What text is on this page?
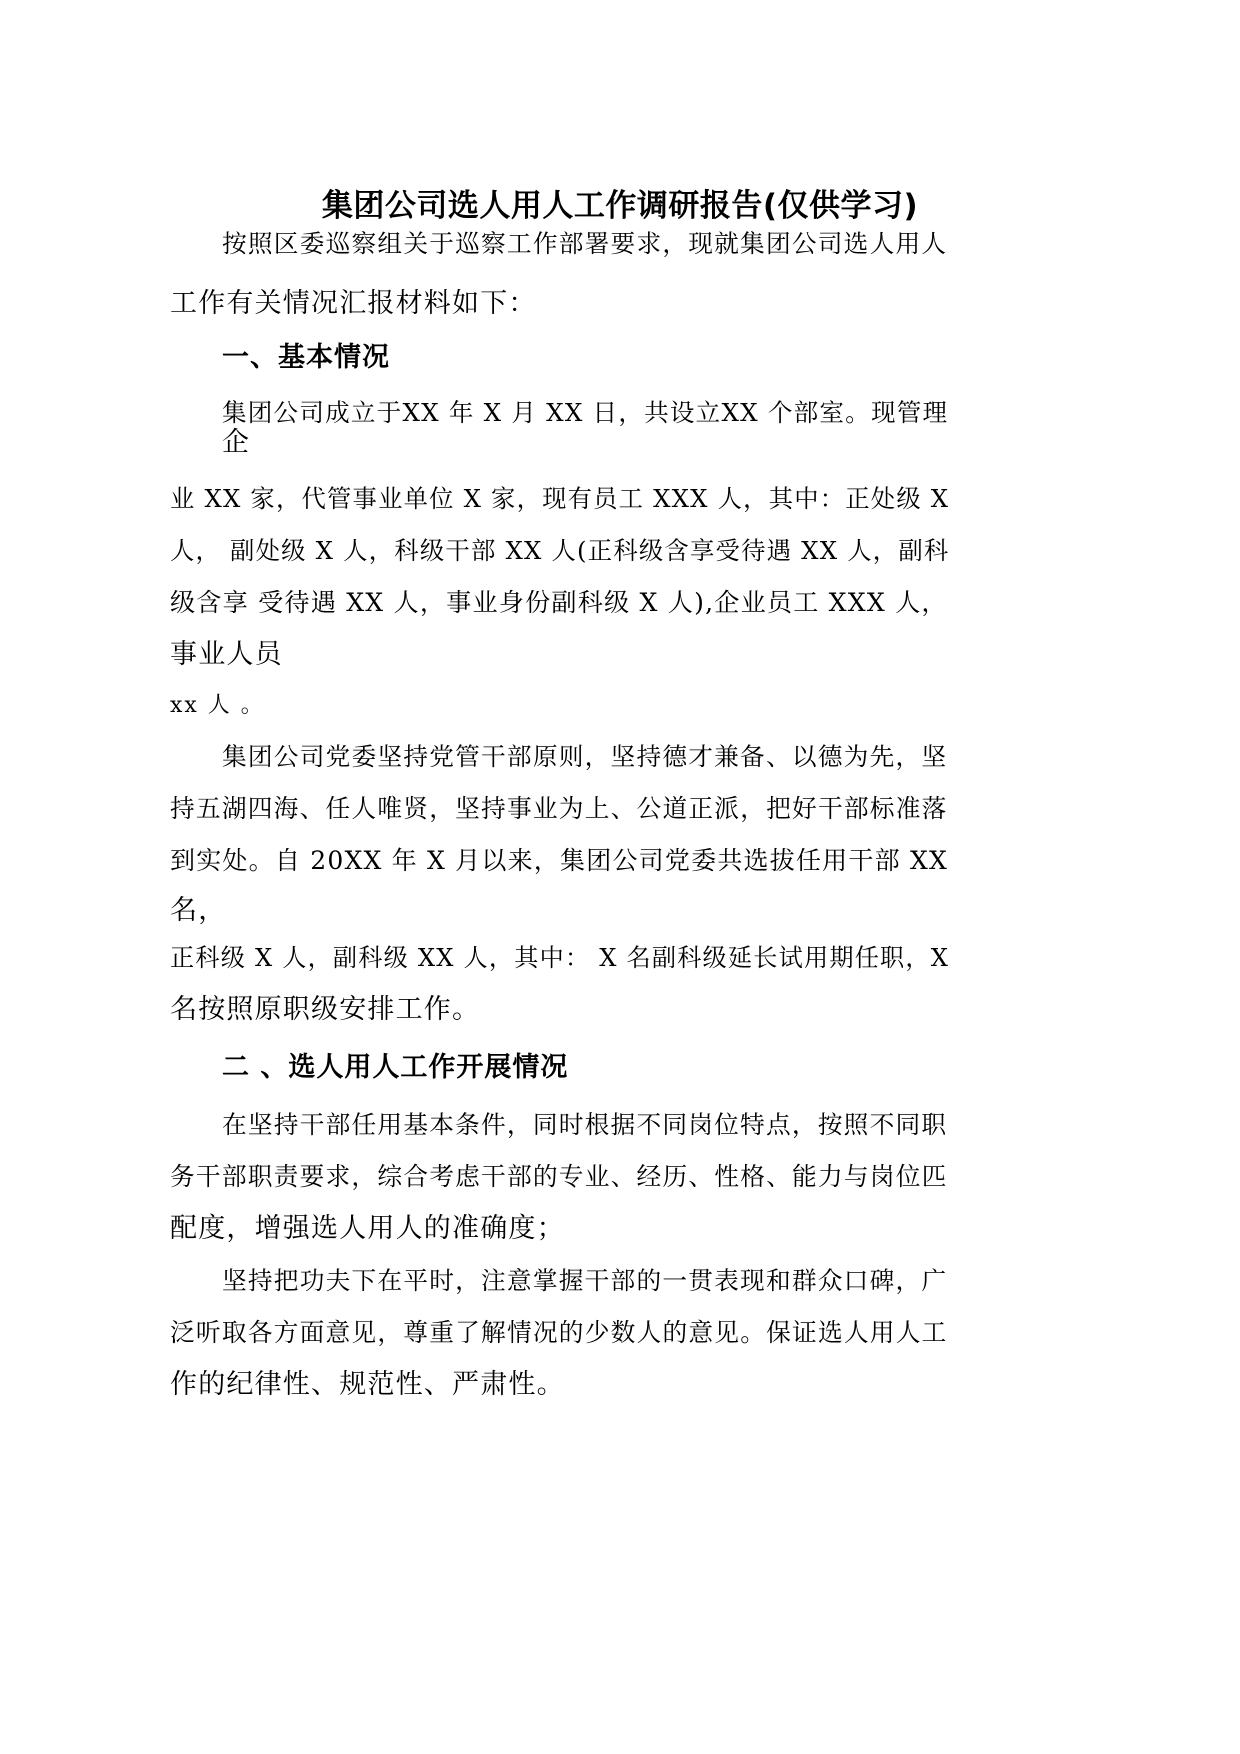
集团公司选人用人工作调研报告(仅供学习)
按照区委巡察组关于巡察工作部署要求，现就集团公司选人用人
工作有关情况汇报材料如下：
一、基本情况
集团公司成立于XX 年 X 月 XX 日，共设立XX 个部室。现管理
企
业 XX 家，代管事业单位 X 家，现有员工 XXX 人，其中：正处级 X
人， 副处级 X 人，科级干部 XX 人(正科级含享受待遇 XX 人，副科
级含享 受待遇 XX 人，事业身份副科级 X 人),企业员工 XXX 人，
事业人员
xx 人 。
集团公司党委坚持党管干部原则，坚持德才兼备、以德为先，坚
持五湖四海、任人唯贤，坚持事业为上、公道正派，把好干部标准落
到实处。自 20XX 年 X 月以来，集团公司党委共选拔任用干部 XX
名，
正科级 X 人，副科级 XX 人，其中： X 名副科级延长试用期任职，X
名按照原职级安排工作。
二 、选人用人工作开展情况
在坚持干部任用基本条件，同时根据不同岗位特点，按照不同职
务干部职责要求，综合考虑干部的专业、经历、性格、能力与岗位匹
配度，增强选人用人的准确度；
坚持把功夫下在平时，注意掌握干部的一贯表现和群众口碑，广
泛听取各方面意见，尊重了解情况的少数人的意见。保证选人用人工
作的纪律性、规范性、严肃性。
